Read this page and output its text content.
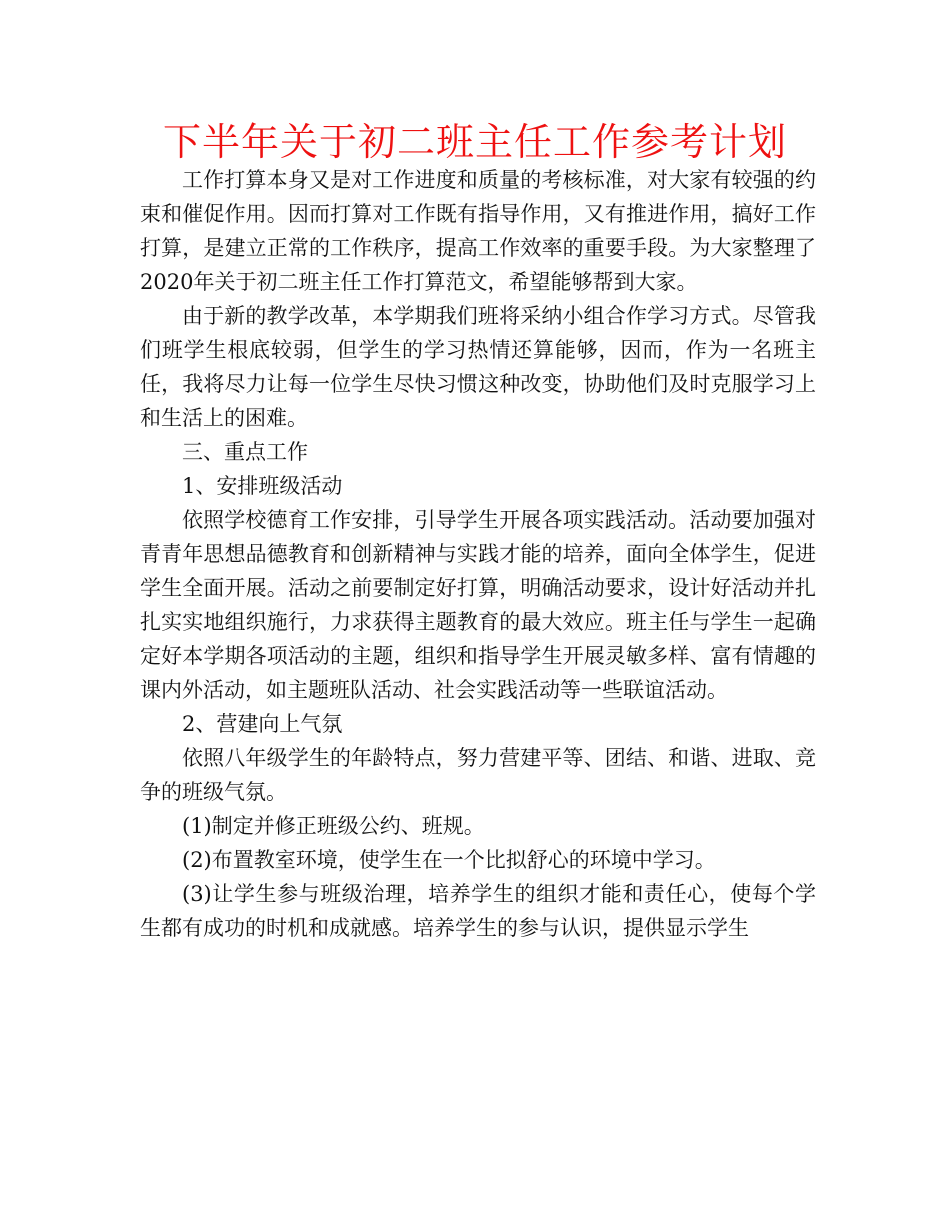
下半年关于初二班主任工作参考计划

工作打算本身又是对工作进度和质量的考核标准，对大家有较强的约束和催促作用。因而打算对工作既有指导作用，又有推进作用，搞好工作打算，是建立正常的工作秩序，提高工作效率的重要手段。为大家整理了2020年关于初二班主任工作打算范文，希望能够帮到大家。

由于新的教学改革，本学期我们班将采纳小组合作学习方式。尽管我们班学生根底较弱，但学生的学习热情还算能够，因而，作为一名班主任，我将尽力让每一位学生尽快习惯这种改变，协助他们及时克服学习上和生活上的困难。

三、重点工作

1、安排班级活动

依照学校德育工作安排，引导学生开展各项实践活动。活动要加强对青青年思想品德教育和创新精神与实践才能的培养，面向全体学生，促进学生全面开展。活动之前要制定好打算，明确活动要求，设计好活动并扎扎实实地组织施行，力求获得主题教育的最大效应。班主任与学生一起确定好本学期各项活动的主题，组织和指导学生开展灵敏多样、富有情趣的课内外活动，如主题班队活动、社会实践活动等一些联谊活动。

2、营建向上气氛

依照八年级学生的年龄特点，努力营建平等、团结、和谐、进取、竞争的班级气氛。

(1)制定并修正班级公约、班规。

(2)布置教室环境，使学生在一个比拟舒心的环境中学习。

(3)让学生参与班级治理，培养学生的组织才能和责任心，使每个学生都有成功的时机和成就感。培养学生的参与认识，提供显示学生
